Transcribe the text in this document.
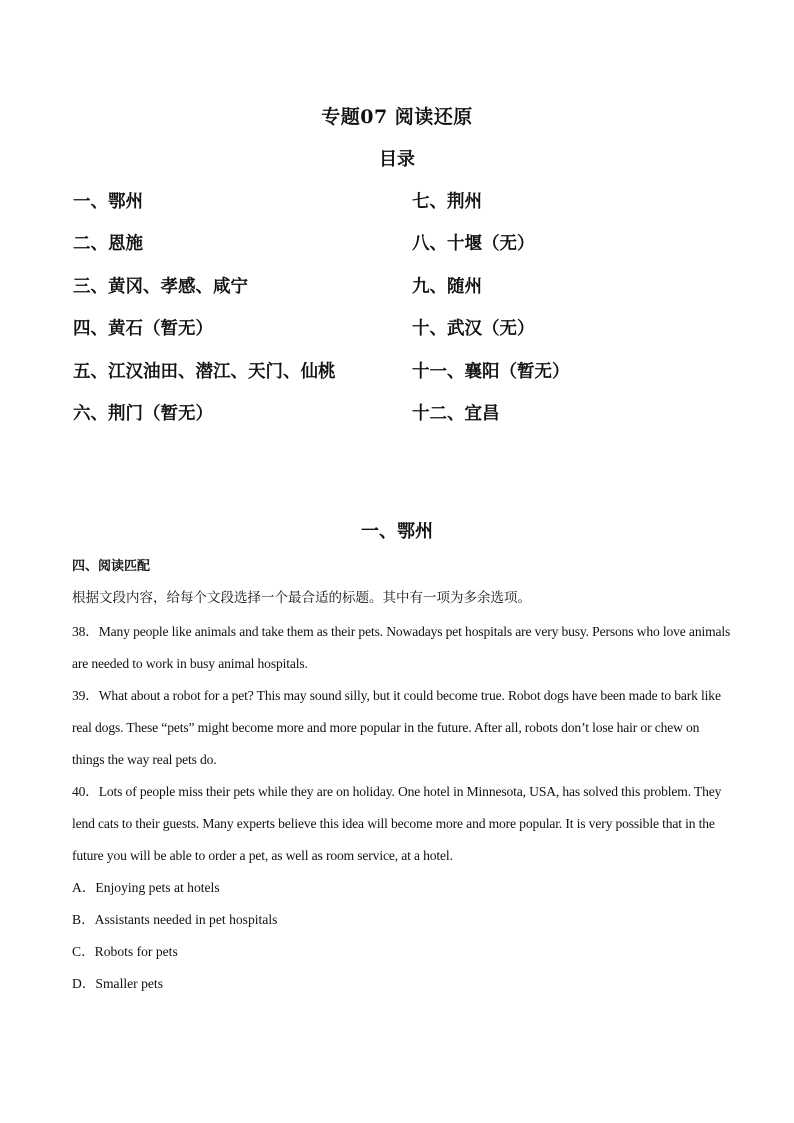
专题07 阅读还原
目录
一、鄂州
二、恩施
三、黄冈、孝感、咸宁
四、黄石（暂无）
五、江汉油田、潜江、天门、仙桃
六、荆门（暂无）
七、荆州
八、十堰（无）
九、随州
十、武汉（无）
十一、襄阳（暂无）
十二、宜昌
一、鄂州
四、阅读匹配
根据文段内容，给每个文段选择一个最合适的标题。其中有一项为多余选项。
38．Many people like animals and take them as their pets. Nowadays pet hospitals are very busy. Persons who love animals are needed to work in busy animal hospitals.
39．What about a robot for a pet? This may sound silly, but it could become true. Robot dogs have been made to bark like real dogs. These “pets” might become more and more popular in the future. After all, robots don’t lose hair or chew on things the way real pets do.
40．Lots of people miss their pets while they are on holiday. One hotel in Minnesota, USA, has solved this problem. They lend cats to their guests. Many experts believe this idea will become more and more popular. It is very possible that in the future you will be able to order a pet, as well as room service, at a hotel.
A．Enjoying pets at hotels
B．Assistants needed in pet hospitals
C．Robots for pets
D．Smaller pets
